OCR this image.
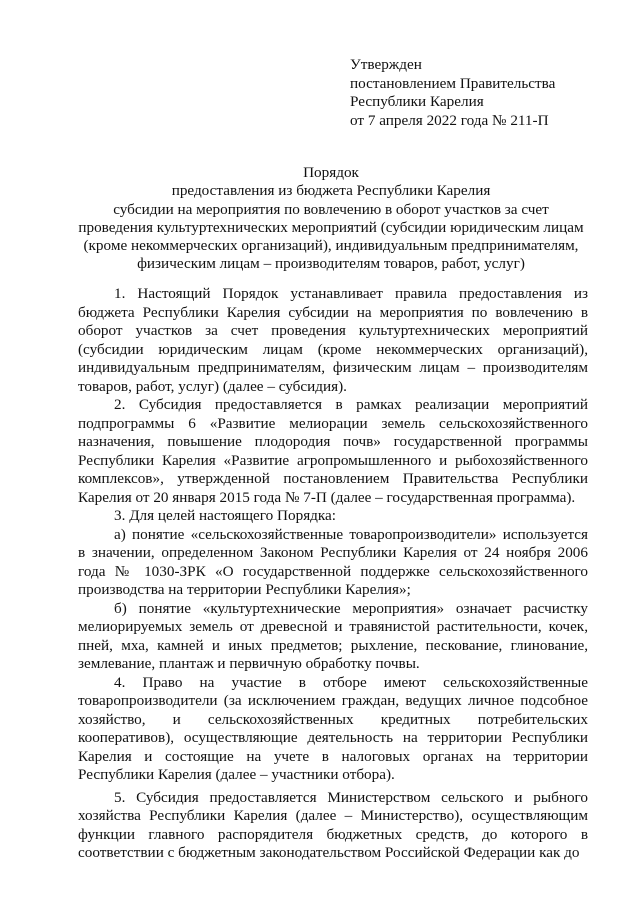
Утвержден
постановлением Правительства
Республики Карелия
от 7 апреля 2022 года № 211-П
Порядок
предоставления из бюджета Республики Карелия
субсидии на мероприятия по вовлечению в оборот участков за счет
проведения культуртехнических мероприятий (субсидии юридическим лицам
(кроме некоммерческих организаций), индивидуальным предпринимателям,
физическим лицам – производителям товаров, работ, услуг)

1. Настоящий Порядок устанавливает правила предоставления из бюджета Республики Карелия субсидии на мероприятия по вовлечению в оборот участков за счет проведения культуртехнических мероприятий (субсидии юридическим лицам (кроме некоммерческих организаций), индивидуальным предпринимателям, физическим лицам – производителям товаров, работ, услуг) (далее – субсидия).

2. Субсидия предоставляется в рамках реализации мероприятий подпрограммы 6 «Развитие мелиорации земель сельскохозяйственного назначения, повышение плодородия почв» государственной программы Республики Карелия «Развитие агропромышленного и рыбохозяйственного комплексов», утвержденной постановлением Правительства Республики Карелия от 20 января 2015 года № 7-П (далее – государственная программа).

3. Для целей настоящего Порядка:

а) понятие «сельскохозяйственные товаропроизводители» используется в значении, определенном Законом Республики Карелия от 24 ноября 2006 года № 1030-ЗРК «О государственной поддержке сельскохозяйственного производства на территории Республики Карелия»;

б) понятие «культуртехнические мероприятия» означает расчистку мелиорируемых земель от древесной и травянистой растительности, кочек, пней, мха, камней и иных предметов; рыхление, пескование, глинование, землевание, плантаж и первичную обработку почвы.

4. Право на участие в отборе имеют сельскохозяйственные товаропроизводители (за исключением граждан, ведущих личное подсобное хозяйство, и сельскохозяйственных кредитных потребительских кооперативов), осуществляющие деятельность на территории Республики Карелия и состоящие на учете в налоговых органах на территории Республики Карелия (далее – участники отбора).

5. Субсидия предоставляется Министерством сельского и рыбного хозяйства Республики Карелия (далее – Министерство), осуществляющим функции главного распорядителя бюджетных средств, до которого в соответствии с бюджетным законодательством Российской Федерации как до
